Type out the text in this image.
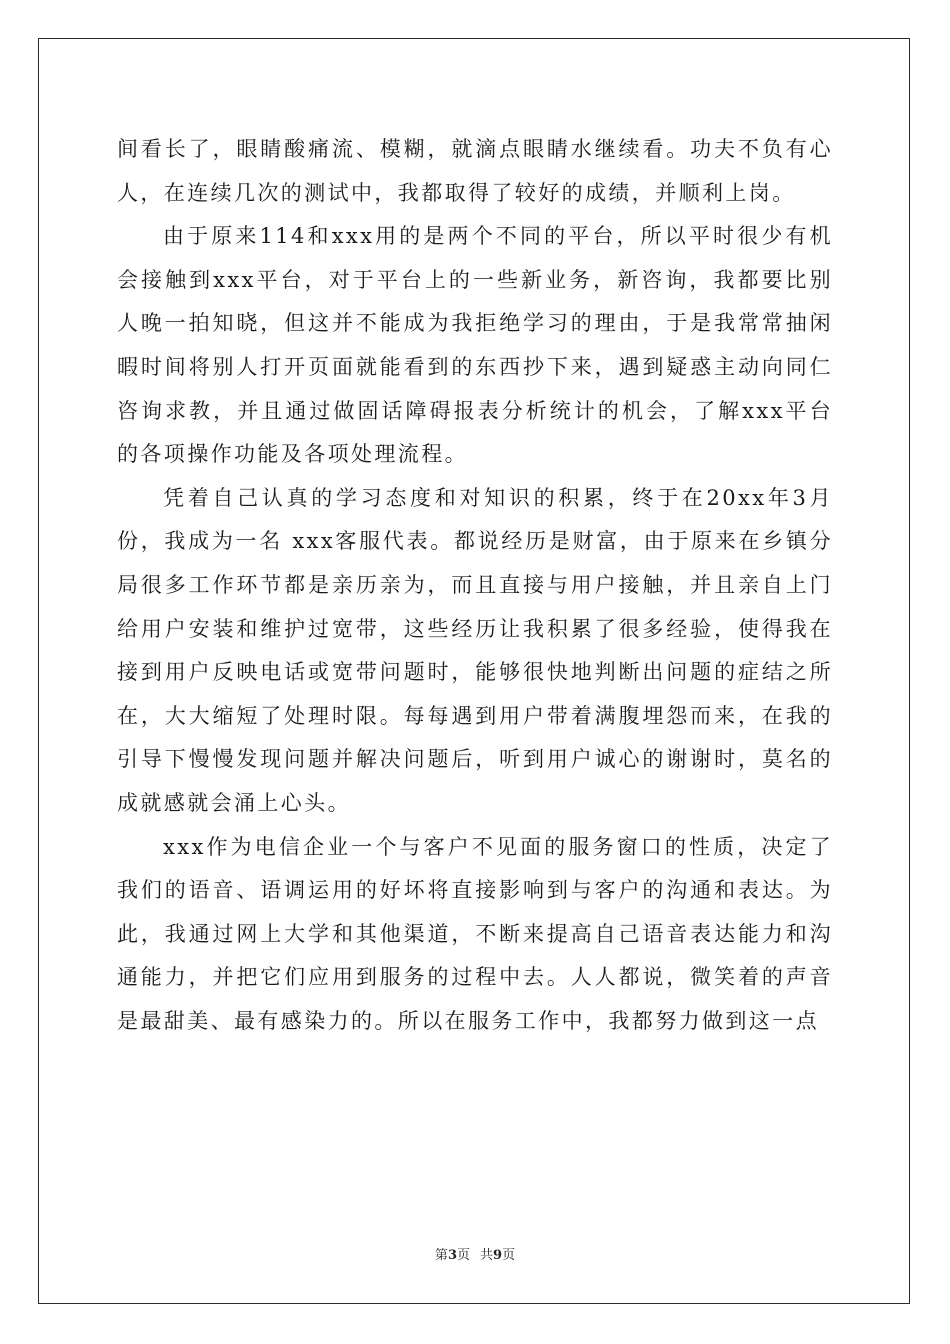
间看长了，眼睛酸痛流、模糊，就滴点眼睛水继续看。功夫不负有心人，在连续几次的测试中，我都取得了较好的成绩，并顺利上岗。

由于原来114和xxx用的是两个不同的平台，所以平时很少有机会接触到xxx平台，对于平台上的一些新业务，新咨询，我都要比别人晚一拍知晓，但这并不能成为我拒绝学习的理由，于是我常常抽闲暇时间将别人打开页面就能看到的东西抄下来，遇到疑惑主动向同仁咨询求教，并且通过做固话障碍报表分析统计的机会，了解xxx平台的各项操作功能及各项处理流程。

凭着自己认真的学习态度和对知识的积累，终于在20xx年3月份，我成为一名 xxx客服代表。都说经历是财富，由于原来在乡镇分局很多工作环节都是亲历亲为，而且直接与用户接触，并且亲自上门给用户安装和维护过宽带，这些经历让我积累了很多经验，使得我在接到用户反映电话或宽带问题时，能够很快地判断出问题的症结之所在，大大缩短了处理时限。每每遇到用户带着满腹埋怨而来，在我的引导下慢慢发现问题并解决问题后，听到用户诚心的谢谢时，莫名的成就感就会涌上心头。

xxx作为电信企业一个与客户不见面的服务窗口的性质，决定了我们的语音、语调运用的好坏将直接影响到与客户的沟通和表达。为此，我通过网上大学和其他渠道，不断来提高自己语音表达能力和沟通能力，并把它们应用到服务的过程中去。人人都说，微笑着的声音是最甜美、最有感染力的。所以在服务工作中，我都努力做到这一点

第3页 共9页
